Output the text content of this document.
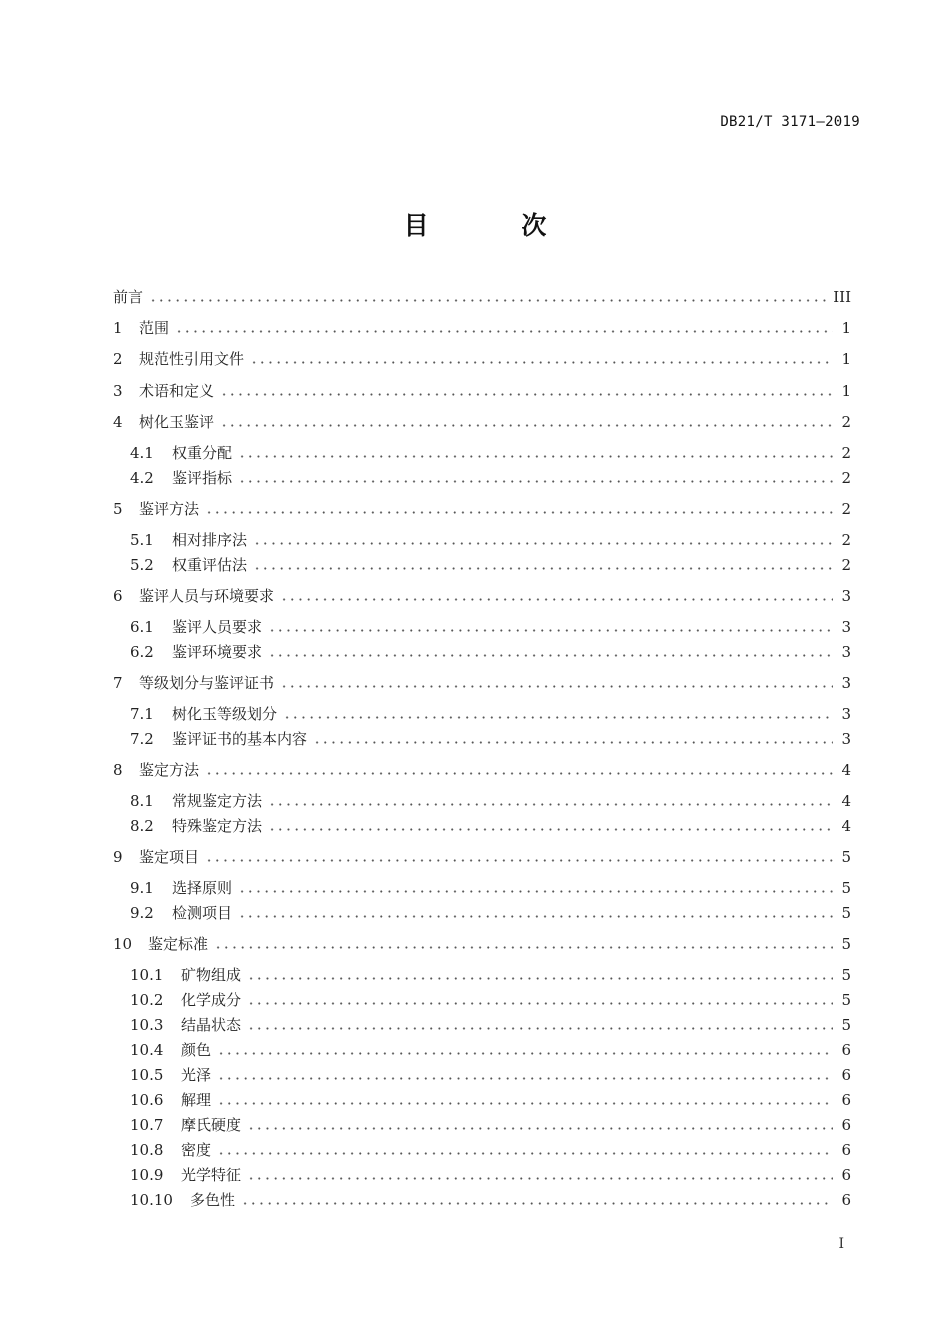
DB21/T 3171—2019
目 次
前言	III
1	范围	1
2	规范性引用文件	1
3	术语和定义	1
4	树化玉鉴评	2
4.1	权重分配	2
4.2	鉴评指标	2
5	鉴评方法	2
5.1	相对排序法	2
5.2	权重评估法	2
6	鉴评人员与环境要求	3
6.1	鉴评人员要求	3
6.2	鉴评环境要求	3
7	等级划分与鉴评证书	3
7.1	树化玉等级划分	3
7.2	鉴评证书的基本内容	3
8	鉴定方法	4
8.1	常规鉴定方法	4
8.2	特殊鉴定方法	4
9	鉴定项目	5
9.1	选择原则	5
9.2	检测项目	5
10	鉴定标准	5
10.1	矿物组成	5
10.2	化学成分	5
10.3	结晶状态	5
10.4	颜色	6
10.5	光泽	6
10.6	解理	6
10.7	摩氏硬度	6
10.8	密度	6
10.9	光学特征	6
10.10	多色性	6
I
